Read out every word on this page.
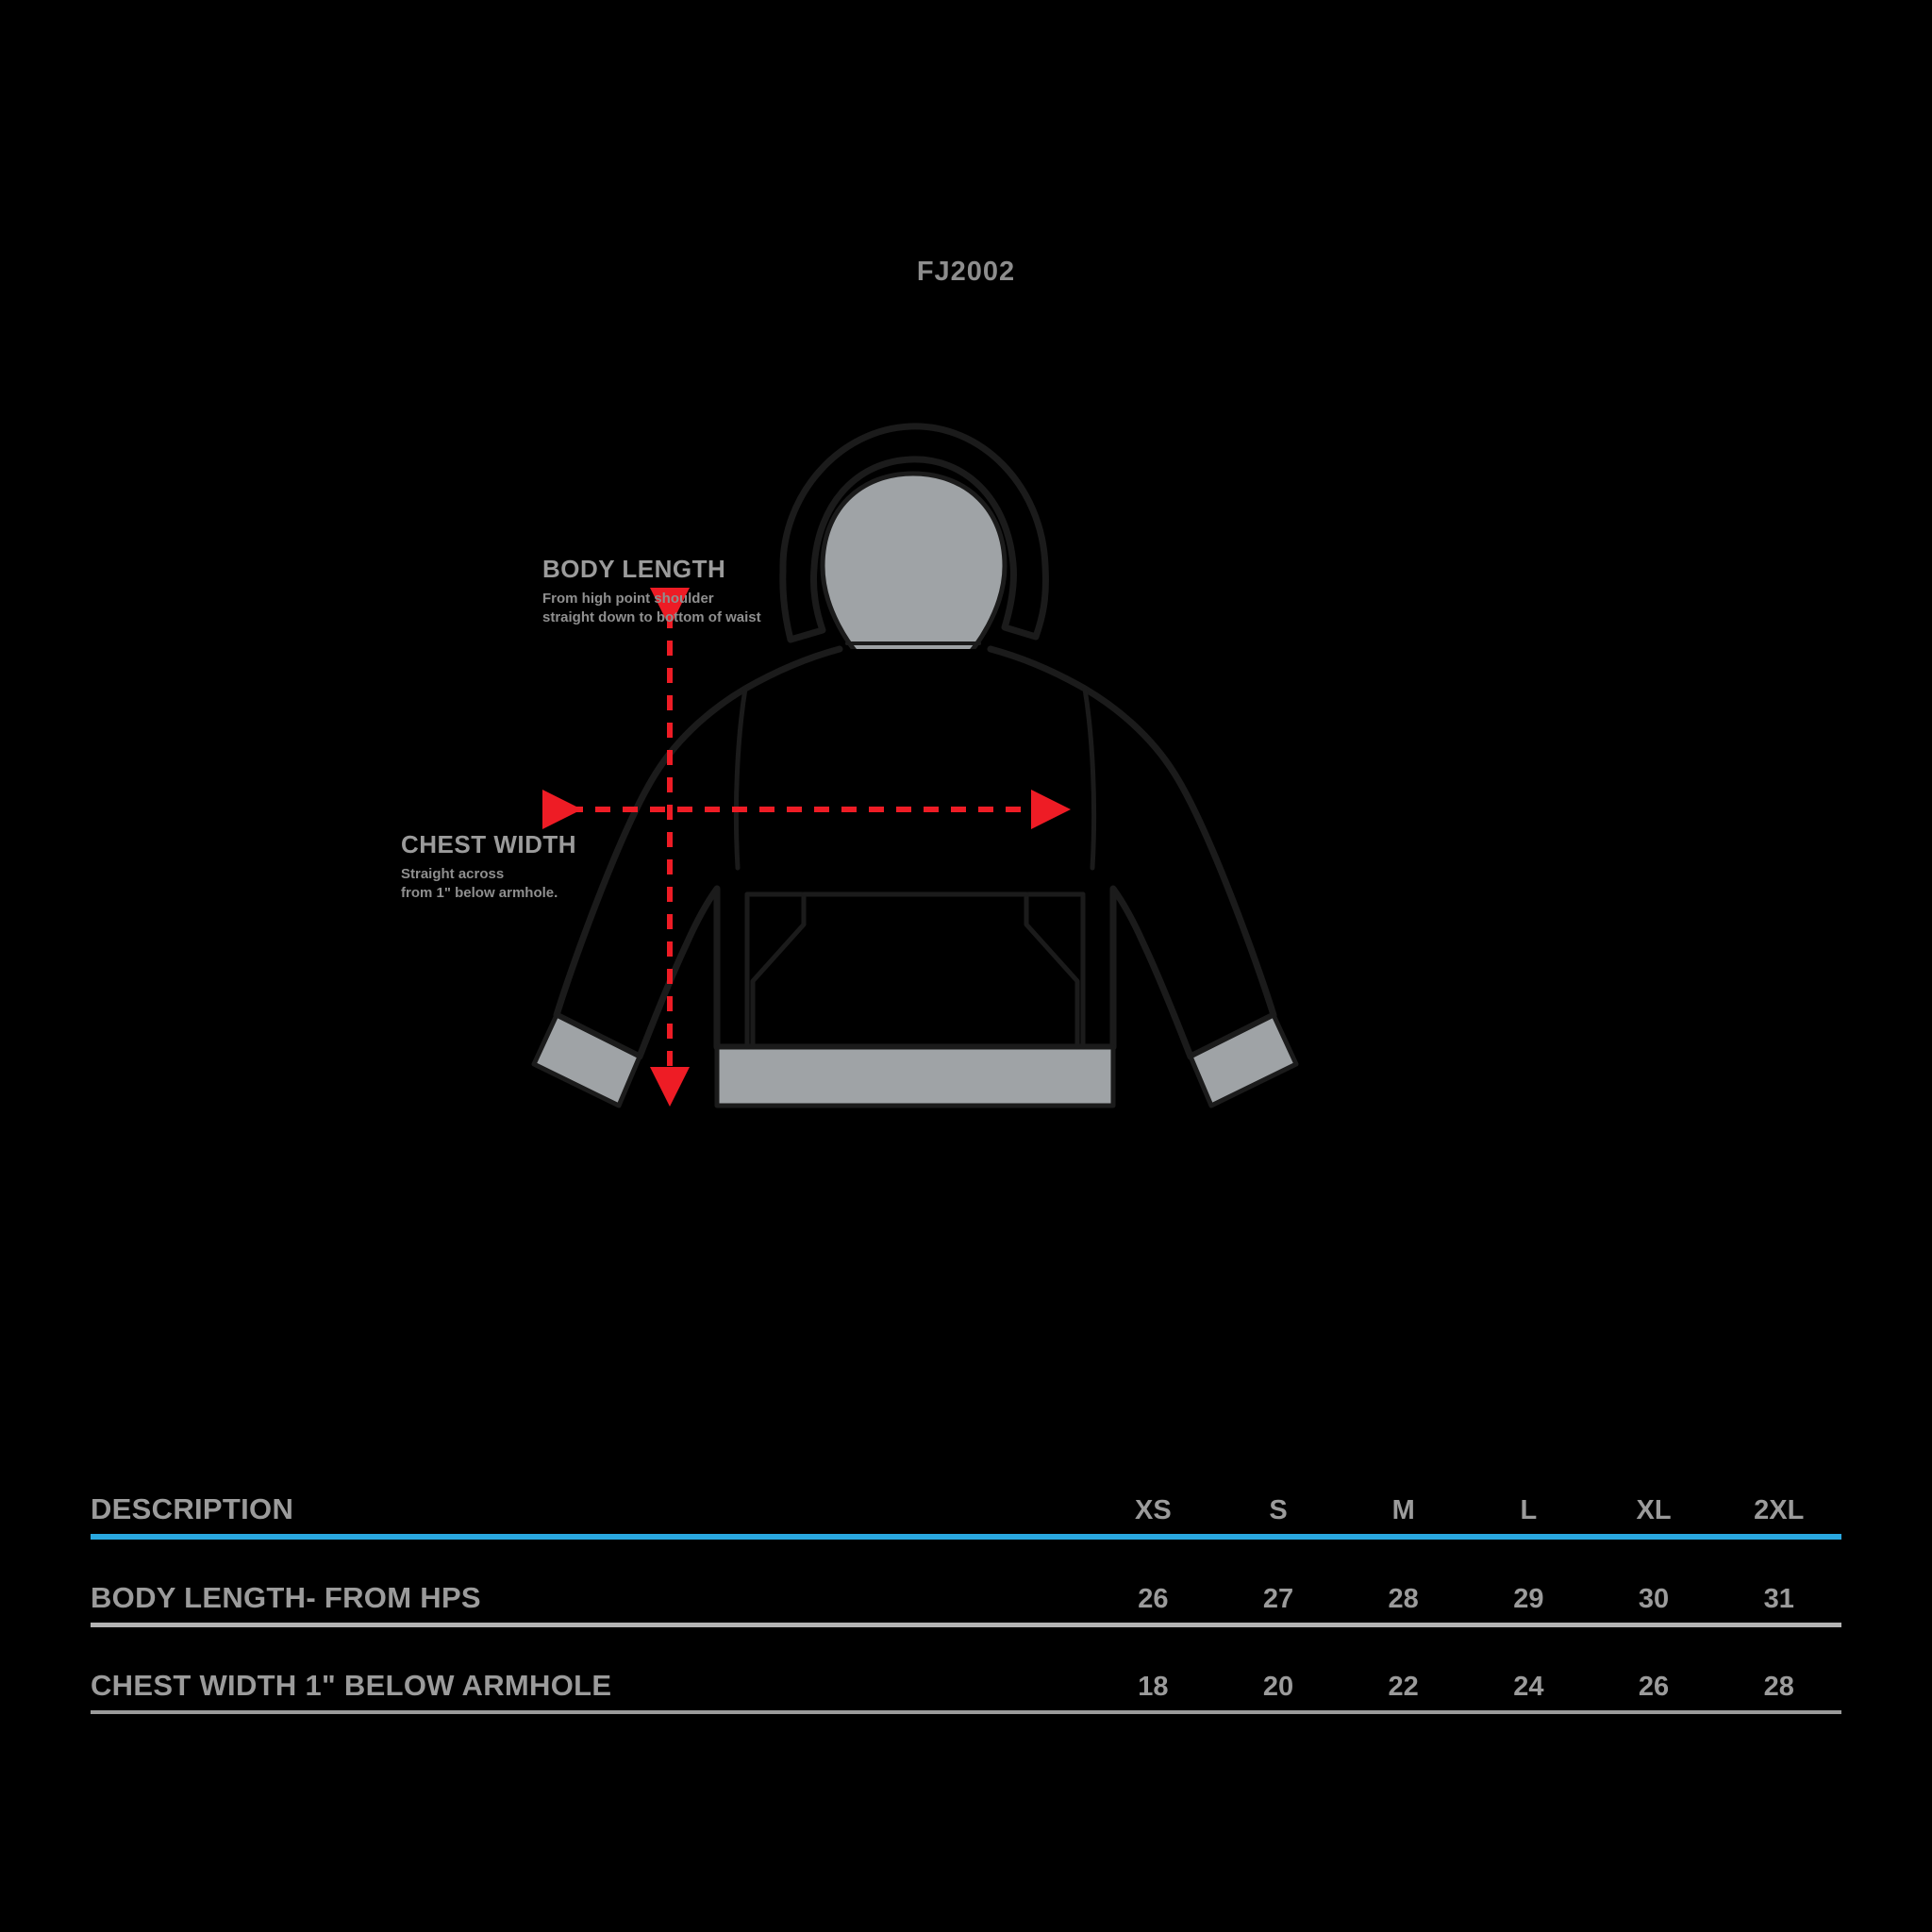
FJ2002
BODY LENGTH
From high point shoulder
straight down to bottom of waist
CHEST WIDTH
Straight across
from 1" below armhole.
DESCRIPTION	XS	S	M	L	XL	2XL
BODY LENGTH- FROM HPS	26	27	28	29	30	31
CHEST WIDTH 1" BELOW ARMHOLE	18	20	22	24	26	28
